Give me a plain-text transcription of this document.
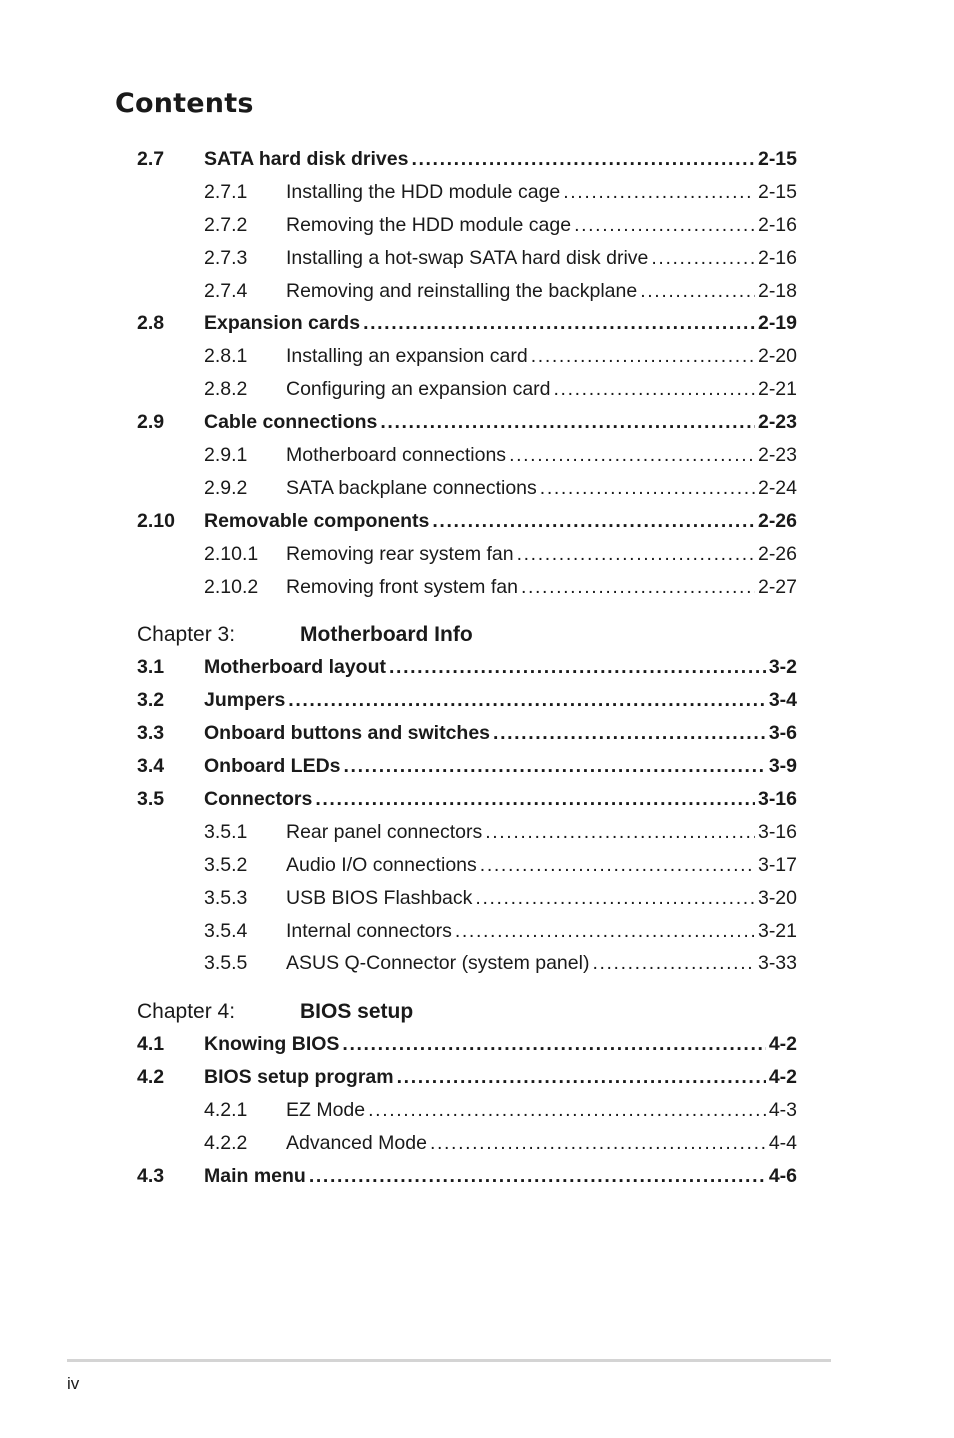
Contents
2.7 SATA hard disk drives . . .	2-15
2.7.1 Installing the HDD module cage . . .	2-15
2.7.2 Removing the HDD module cage . . .	2-16
2.7.3 Installing a hot-swap SATA hard disk drive . . .	2-16
2.7.4 Removing and reinstalling the backplane . . .	2-18
2.8 Expansion cards . . .	2-19
2.8.1 Installing an expansion card . . .	2-20
2.8.2 Configuring an expansion card . . .	2-21
2.9 Cable connections . . .	2-23
2.9.1 Motherboard connections . . .	2-23
2.9.2 SATA backplane connections . . .	2-24
2.10 Removable components . . .	2-26
2.10.1 Removing rear system fan . . .	2-26
2.10.2 Removing front system fan . . .	2-27
Chapter 3:	Motherboard Info
3.1 Motherboard layout . . .	3-2
3.2 Jumpers . . .	3-4
3.3 Onboard buttons and switches . . .	3-6
3.4 Onboard LEDs . . .	3-9
3.5 Connectors . . .	3-16
3.5.1 Rear panel connectors . . .	3-16
3.5.2 Audio I/O connections . . .	3-17
3.5.3 USB BIOS Flashback . . .	3-20
3.5.4 Internal connectors . . .	3-21
3.5.5 ASUS Q-Connector (system panel) . . .	3-33
Chapter 4:	BIOS setup
4.1 Knowing BIOS . . .	4-2
4.2 BIOS setup program . . .	4-2
4.2.1 EZ Mode . . .	4-3
4.2.2 Advanced Mode . . .	4-4
4.3 Main menu . . .	4-6
iv
